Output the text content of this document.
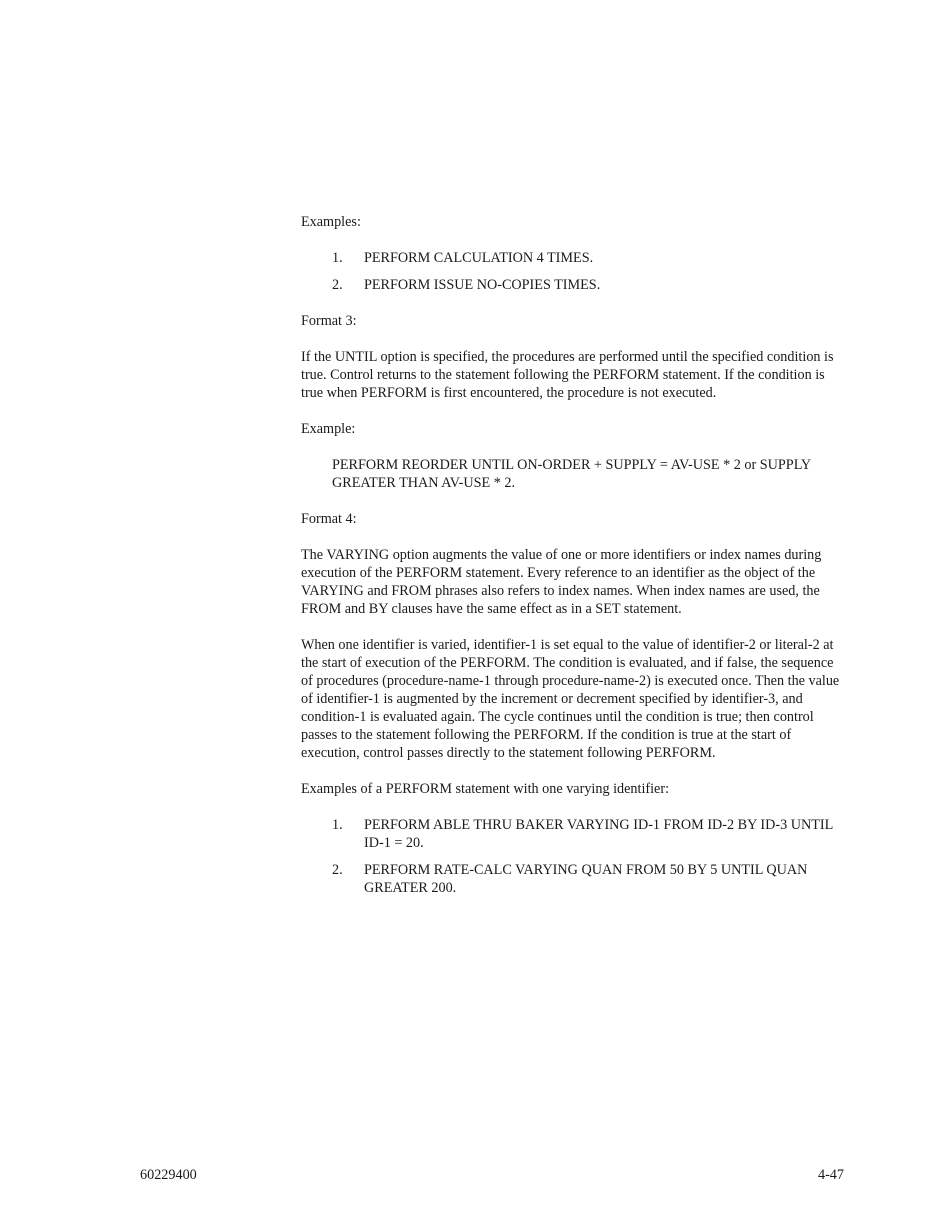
Examples:

1. PERFORM CALCULATION 4 TIMES.
2. PERFORM ISSUE NO-COPIES TIMES.

Format 3:

If the UNTIL option is specified, the procedures are performed until the specified condition is true. Control returns to the statement following the PERFORM statement. If the condition is true when PERFORM is first encountered, the procedure is not executed.

Example:

PERFORM REORDER UNTIL ON-ORDER + SUPPLY = AV-USE * 2 or SUPPLY GREATER THAN AV-USE * 2.

Format 4:

The VARYING option augments the value of one or more identifiers or index names during execution of the PERFORM statement. Every reference to an identifier as the object of the VARYING and FROM phrases also refers to index names. When index names are used, the FROM and BY clauses have the same effect as in a SET statement.

When one identifier is varied, identifier-1 is set equal to the value of identifier-2 or literal-2 at the start of execution of the PERFORM. The condition is evaluated, and if false, the sequence of procedures (procedure-name-1 through procedure-name-2) is executed once. Then the value of identifier-1 is augmented by the increment or decrement specified by identifier-3, and condition-1 is evaluated again. The cycle continues until the condition is true; then control passes to the statement following the PERFORM. If the condition is true at the start of execution, control passes directly to the statement following PERFORM.

Examples of a PERFORM statement with one varying identifier:

1. PERFORM ABLE THRU BAKER VARYING ID-1 FROM ID-2 BY ID-3 UNTIL ID-1 = 20.
2. PERFORM RATE-CALC VARYING QUAN FROM 50 BY 5 UNTIL QUAN GREATER 200.
60229400	4-47
